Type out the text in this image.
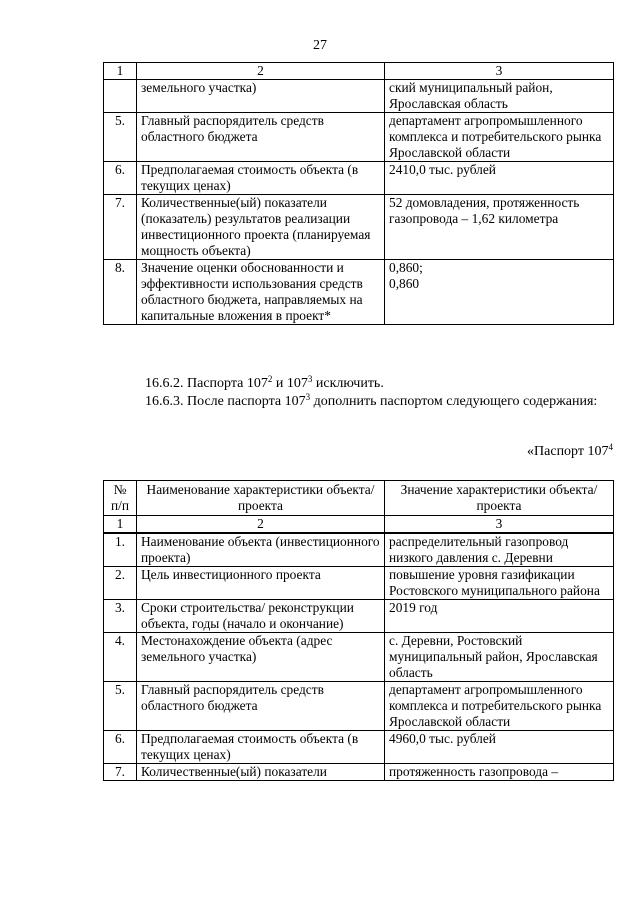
27
1	2	3
	земельного участка)	ский муниципальный район, Ярославская область
5.	Главный распорядитель средств областного бюджета	департамент агропромышленного комплекса и потребительского рынка Ярославской области
6.	Предполагаемая стоимость объекта (в текущих ценах)	2410,0 тыс. рублей
7.	Количественные(ый) показатели (показатель) результатов реализации инвестиционного проекта (планируемая мощность объекта)	52 домовладения, протяженность газопровода – 1,62 километра
8.	Значение оценки обоснованности и эффективности использования средств областного бюджета, направляемых на капитальные вложения в проект*	0,860;
0,860
16.6.2. Паспорта $107^2$ и $107^3$ исключить.
16.6.3. После паспорта $107^3$ дополнить паспортом следующего содержания:
«Паспорт $107^4$
№
п/п	Наименование характеристики объекта/проекта	Значение характеристики объекта/проекта
1	2	3
1.	Наименование объекта (инвестиционного проекта)	распределительный газопровод низкого давления с. Деревни
2.	Цель инвестиционного проекта	повышение уровня газификации Ростовского муниципального района
3.	Сроки строительства/ реконструкции объекта, годы (начало и окончание)	2019 год
4.	Местонахождение объекта (адрес земельного участка)	с. Деревни, Ростовский муниципальный район, Ярославская область
5.	Главный распорядитель средств областного бюджета	департамент агропромышленного комплекса и потребительского рынка Ярославской области
6.	Предполагаемая стоимость объекта (в текущих ценах)	4960,0 тыс. рублей
7.	Количественные(ый) показатели	протяженность газопровода –
